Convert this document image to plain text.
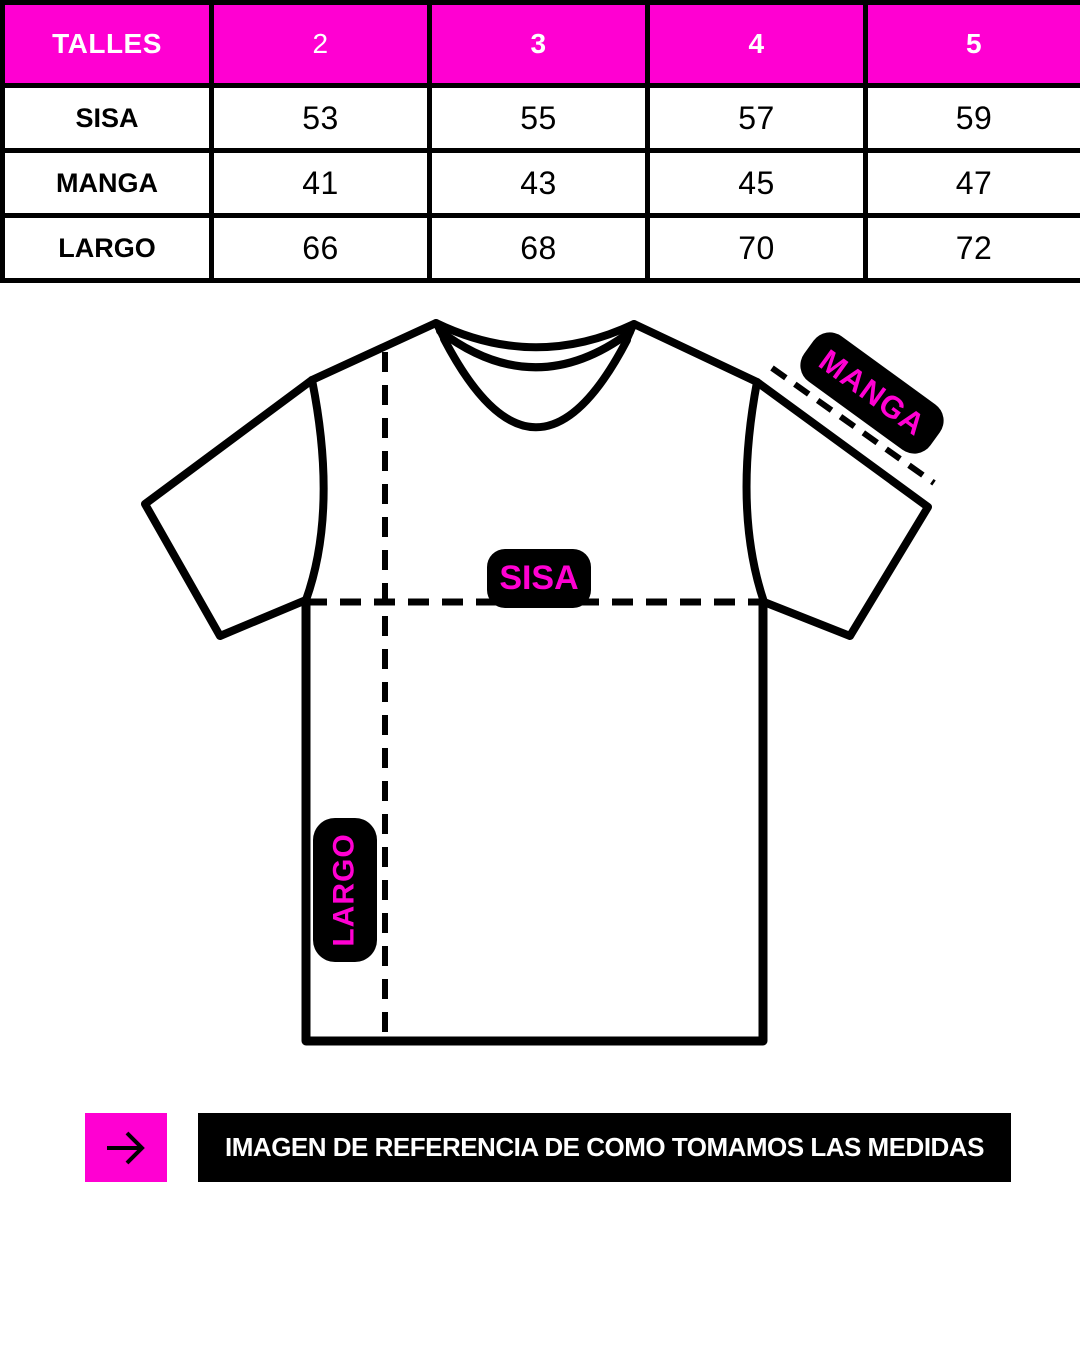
TALLES	2	3	4	5
SISA	53	55	57	59
MANGA	41	43	45	47
LARGO	66	68	70	72
SISA
LARGO
MANGA
IMAGEN DE REFERENCIA DE COMO TOMAMOS LAS MEDIDAS
